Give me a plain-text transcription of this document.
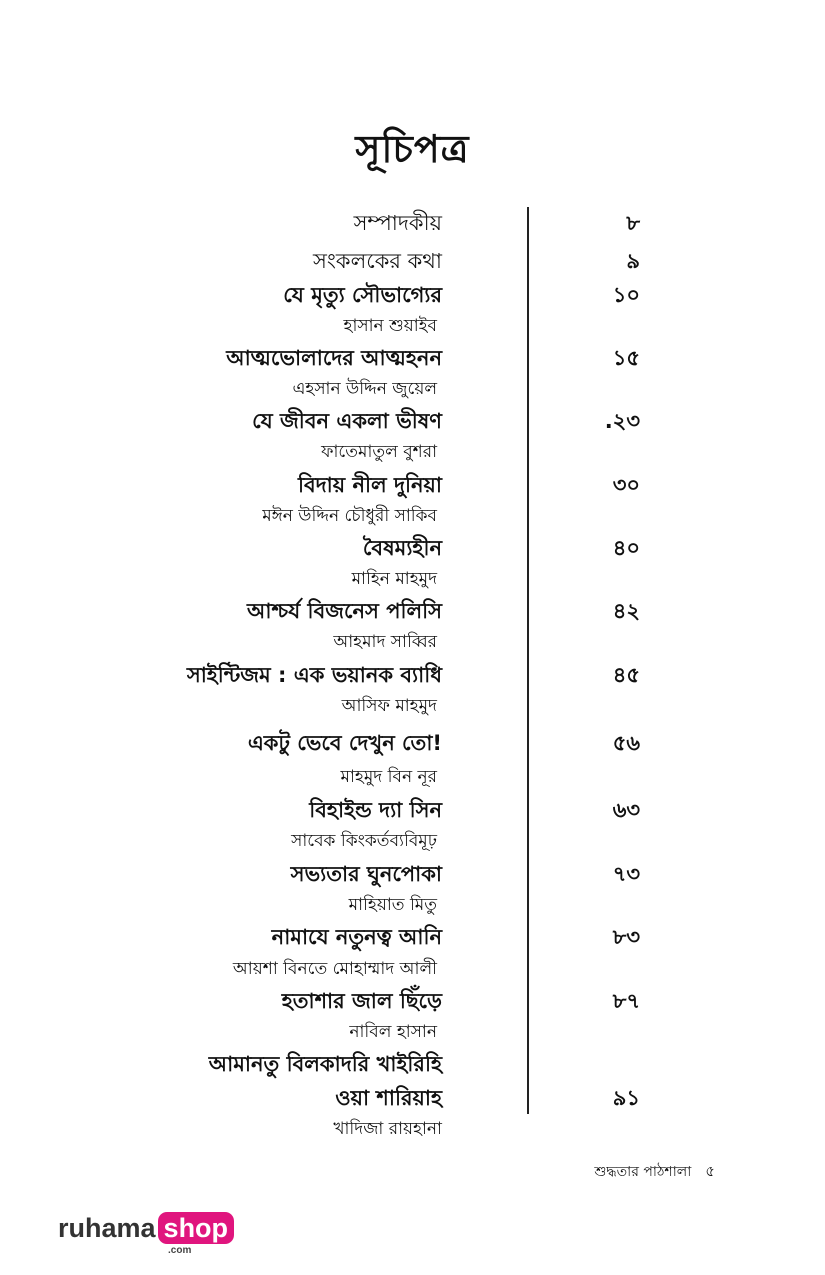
সূচিপত্র
সম্পাদকীয়	৮
সংকলকের কথা	৯
যে মৃত্যু সৌভাগ্যের
হাসান শুয়াইব
১০
আত্মভোলাদের আত্মহনন
এহসান উদ্দিন জুয়েল
১৫
যে জীবন একলা ভীষণ
ফাতেমাতুল বুশরা
.২৩
বিদায় নীল দুনিয়া
মঈন উদ্দিন চৌধুরী সাকিব
৩০
বৈষম্যহীন
মাহিন মাহমুদ
৪০
আশ্চর্য বিজনেস পলিসি
আহমাদ সাব্বির
৪২
সাইন্টিজম : এক ভয়ানক ব্যাধি
আসিফ মাহমুদ
৪৫
একটু ভেবে দেখুন তো!
মাহমুদ বিন নূর
৫৬
বিহাইন্ড দ্যা সিন
সাবেক কিংকর্তব্যবিমূঢ়
৬৩
সভ্যতার ঘুনপোকা
মাহিয়াত মিতু
৭৩
নামাযে নতুনত্ব আনি
আয়শা বিনতে মোহাম্মাদ আলী
৮৩
হতাশার জাল ছিঁড়ে
নাবিল হাসান
৮৭
আমানতু বিলকাদরি খাইরিহি
ওয়া শারিয়াহ
খাদিজা রায়হানা
৯১
শুদ্ধতার পাঠশালা ৫
ruhama shop
.com
